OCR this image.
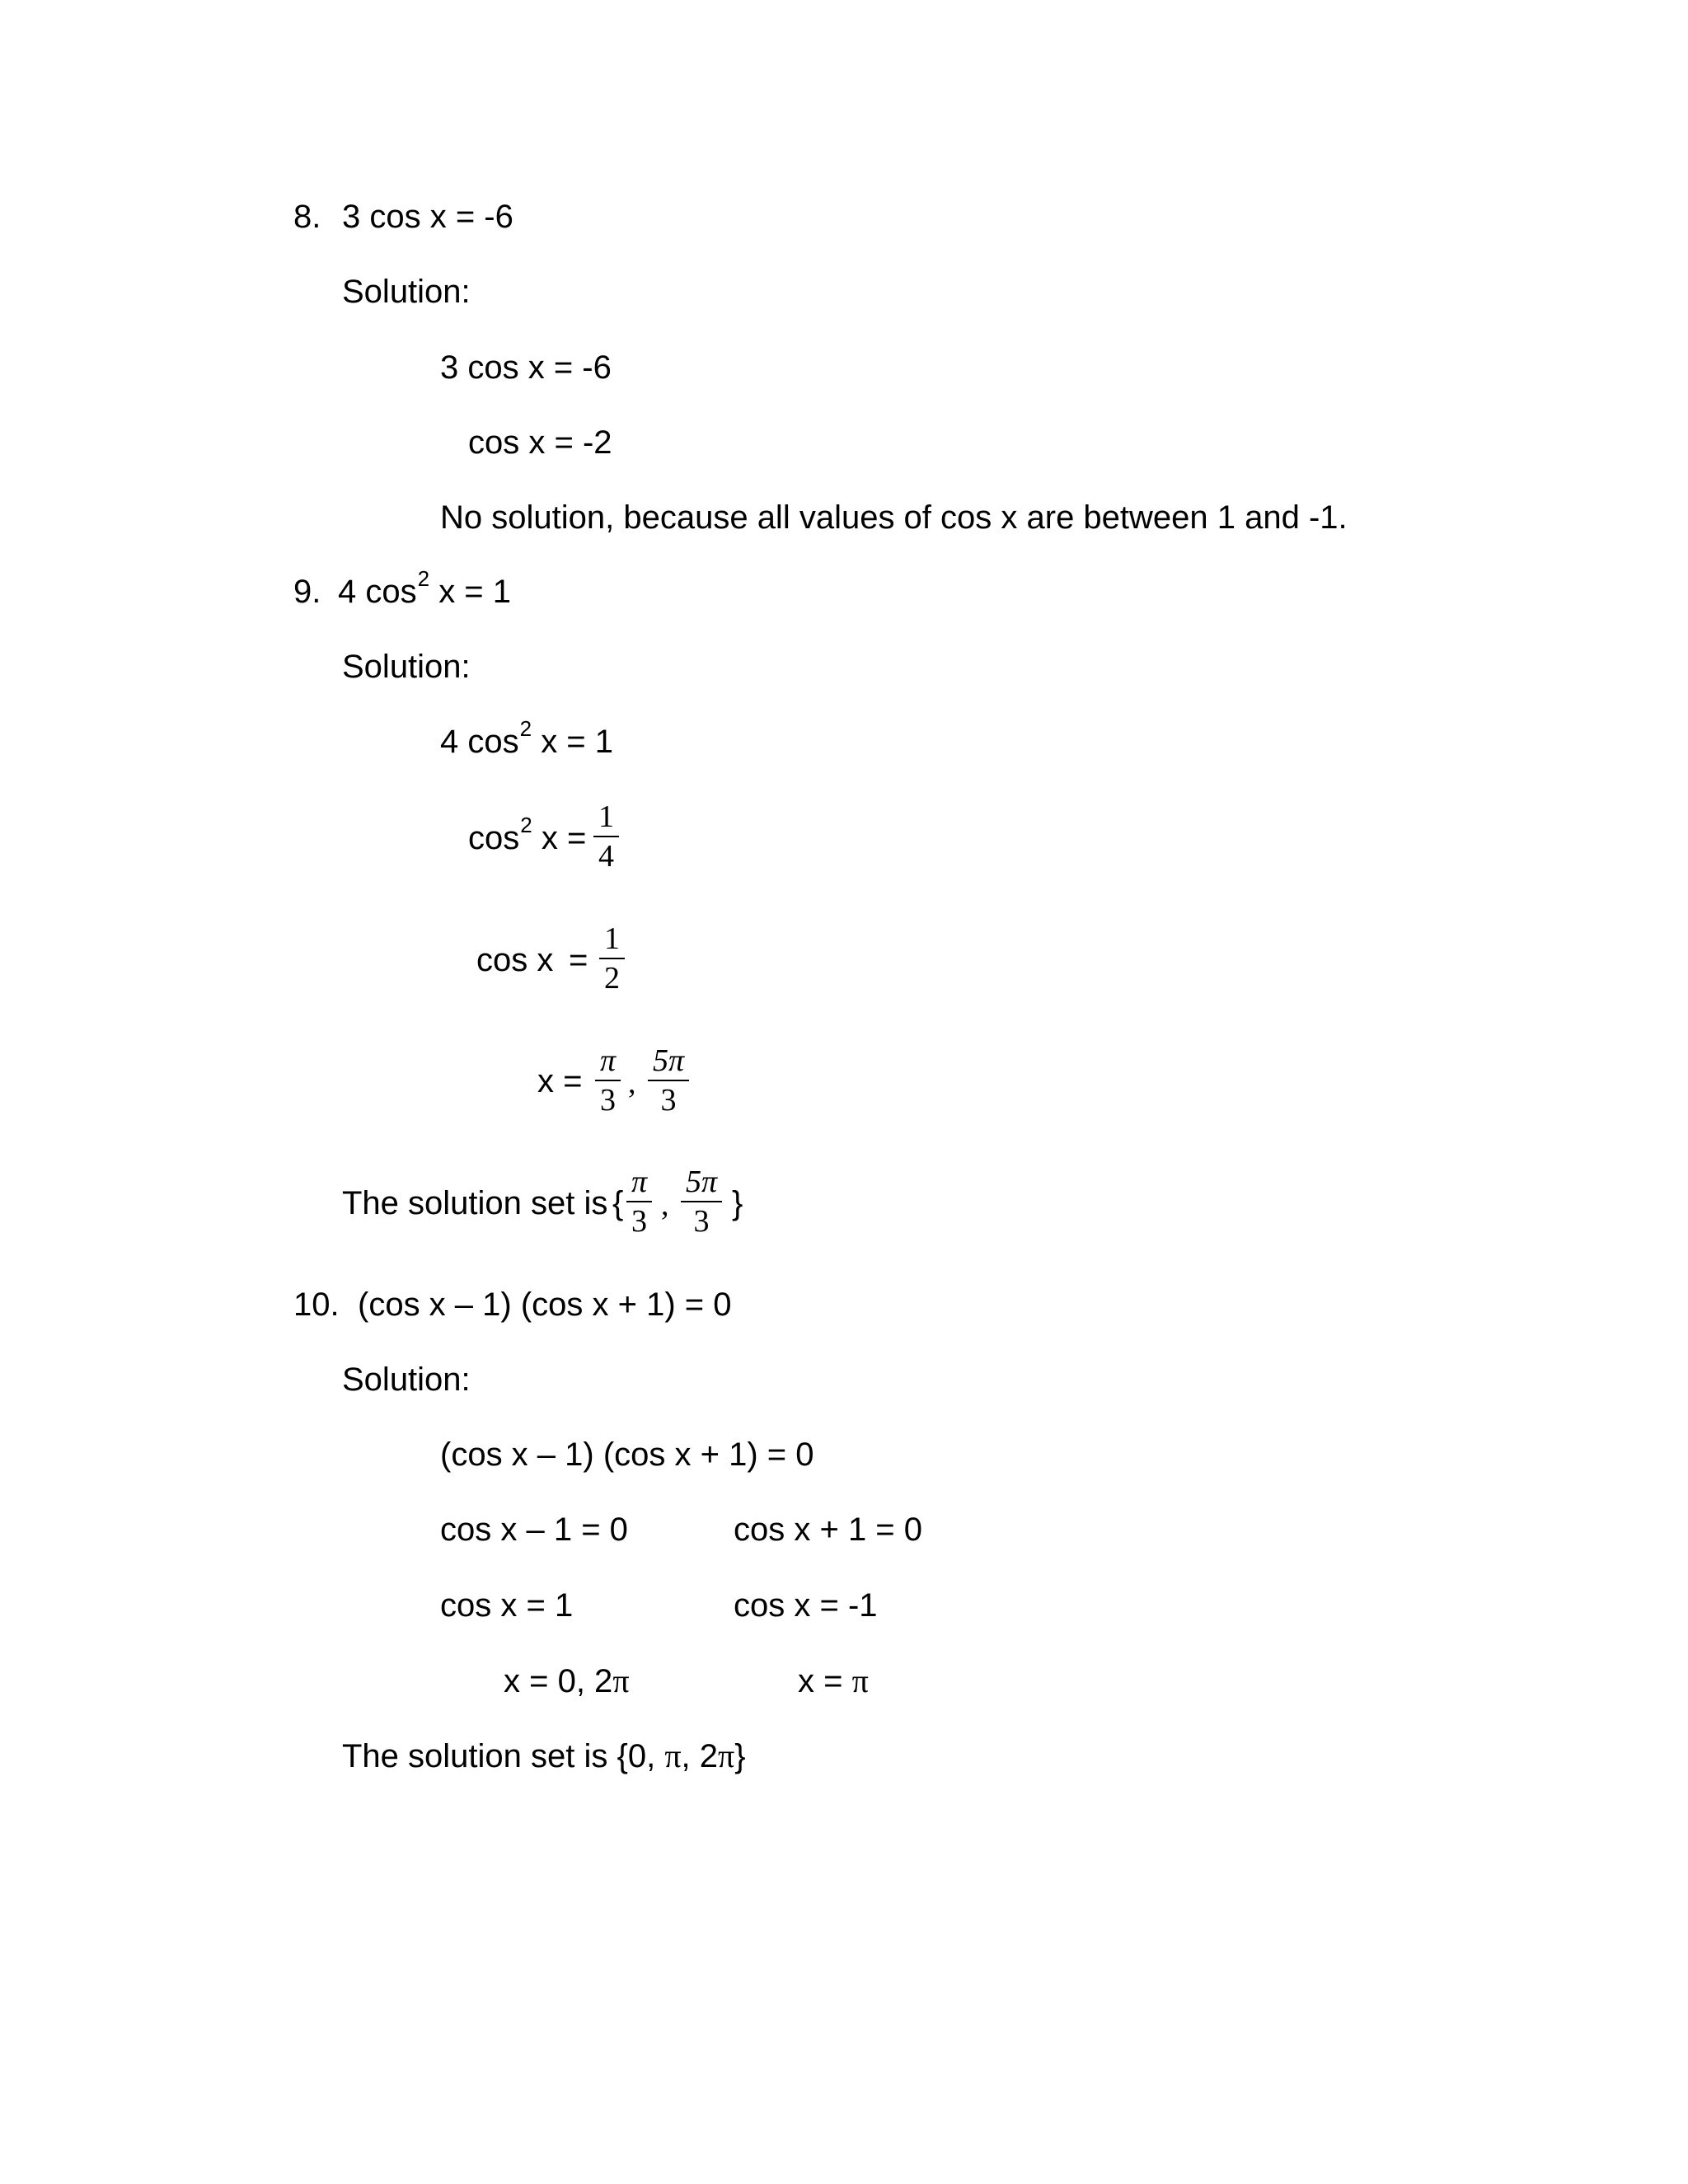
8. 3 cos x = -6
Solution:
3 cos x = -6
cos x = -2
No solution, because all values of cos x are between 1 and -1.
9. 4 $\cos^2 x = 1$
Solution:
4 $\cos^2 x = 1$
$\cos^2 x = \frac{1}{4}$
$\cos x = \frac{1}{2}$
$x = \frac{\pi}{3}$ , $\frac{5\pi}{3}$
The solution set is { $\frac{\pi}{3}$ , $\frac{5\pi}{3}$ }
10. (cos x – 1) (cos x + 1) = 0
Solution:
(cos x – 1) (cos x + 1) = 0
cos x – 1 = 0	cos x + 1 = 0
cos x = 1	cos x = -1
x = 0, 2π	x = π
The solution set is {0, π, 2π}
